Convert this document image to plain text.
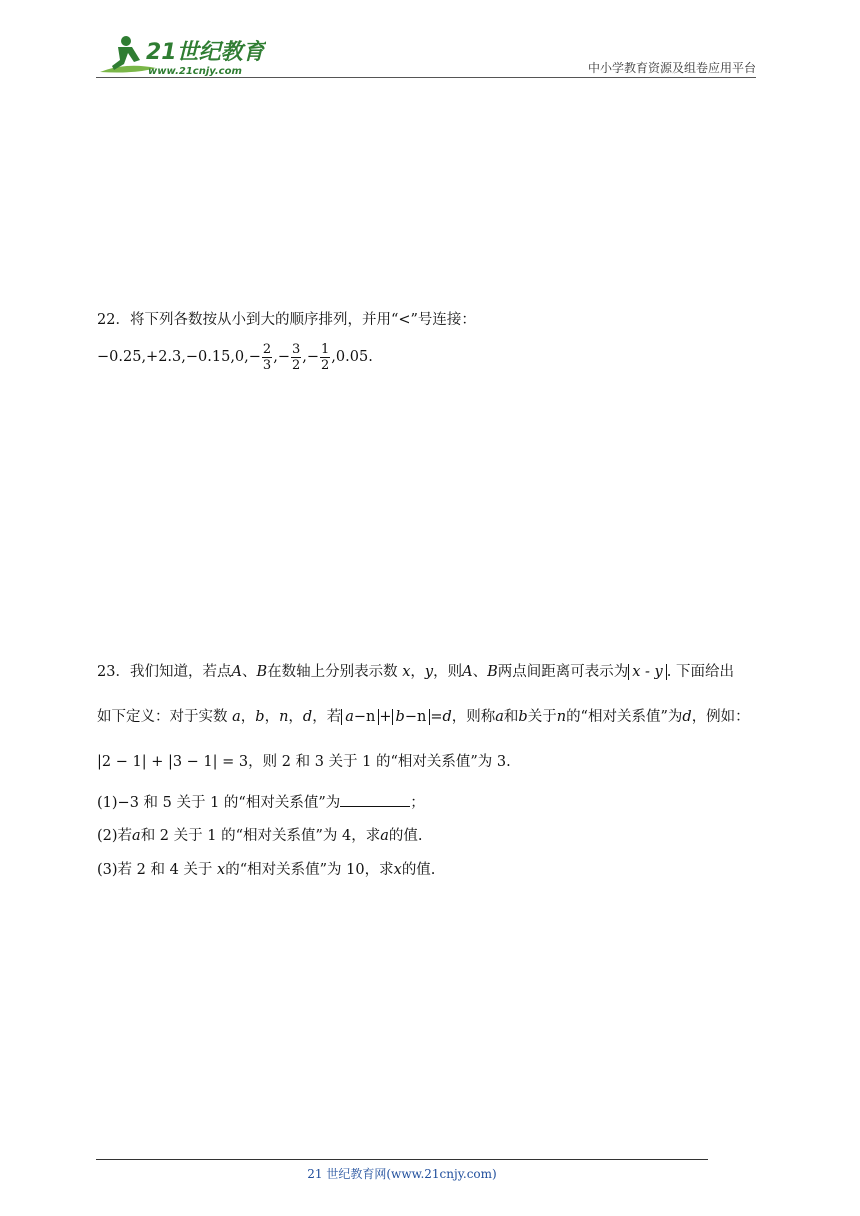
21世纪教育
www.21cnjy.com	中小学教育资源及组卷应用平台
22．将下列各数按从小到大的顺序排列，并用“<”号连接：
$-0.25,+2.3,-0.15,0,- \frac{2}{3}$ ,− $\frac{3}{2}$ ,− $\frac{1}{2} ,0.05$.
23．我们知道，若点A、B在数轴上分别表示数 x，y，则A、B两点间距离可表示为 x - y . 下面给出
如下定义：对于实数 a，b，n，d，若 a−n + b−n =d，则称a和b关于n的“相对关系值”为d，例如：
|2 − 1| + |3 − 1| = 3，则 2 和 3 关于 1 的“相对关系值”为 3.
(1)−3 和 5 关于 1 的“相对关系值”为	；
(2)若a和 2 关于 1 的“相对关系值”为 4，求a的值.
(3)若 2 和 4 关于 x的“相对关系值”为 10，求x的值.
21 世纪教育网(www.21cnjy.com)
